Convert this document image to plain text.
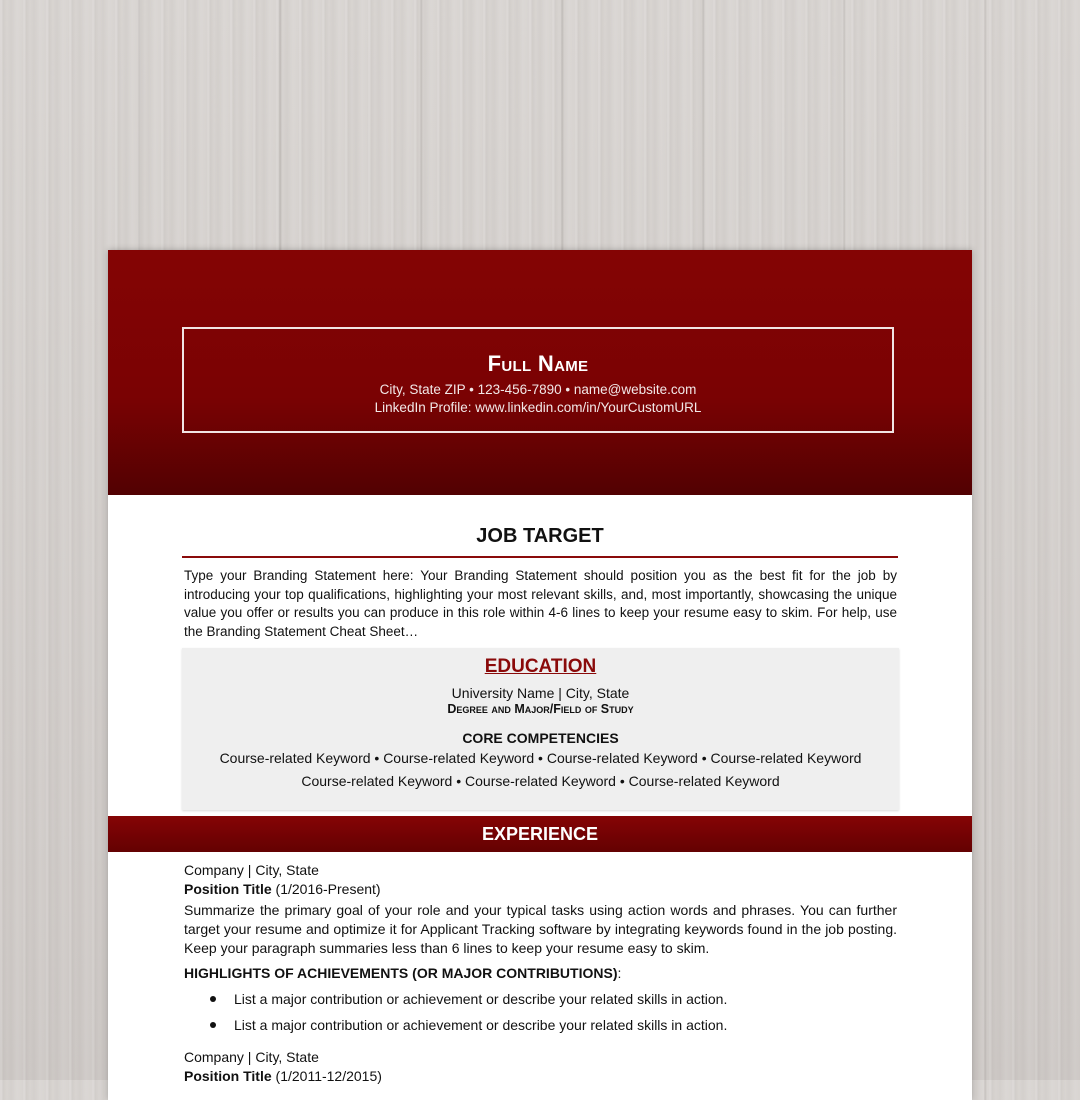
Full Name
City, State ZIP • 123-456-7890 • name@website.com
LinkedIn Profile: www.linkedin.com/in/YourCustomURL
JOB TARGET
Type your Branding Statement here: Your Branding Statement should position you as the best fit for the job by introducing your top qualifications, highlighting your most relevant skills, and, most importantly, showcasing the unique value you offer or results you can produce in this role within 4-6 lines to keep your resume easy to skim. For help, use the Branding Statement Cheat Sheet…
EDUCATION
University Name | City, State
Degree and Major/Field of Study
CORE COMPETENCIES
Course-related Keyword • Course-related Keyword • Course-related Keyword • Course-related Keyword
Course-related Keyword • Course-related Keyword • Course-related Keyword
EXPERIENCE
Company | City, State
Position Title (1/2016-Present)
Summarize the primary goal of your role and your typical tasks using action words and phrases. You can further target your resume and optimize it for Applicant Tracking software by integrating keywords found in the job posting. Keep your paragraph summaries less than 6 lines to keep your resume easy to skim.
HIGHLIGHTS OF ACHIEVEMENTS (OR MAJOR CONTRIBUTIONS):
List a major contribution or achievement or describe your related skills in action.
List a major contribution or achievement or describe your related skills in action.
Company | City, State
Position Title (1/2011-12/2015)
